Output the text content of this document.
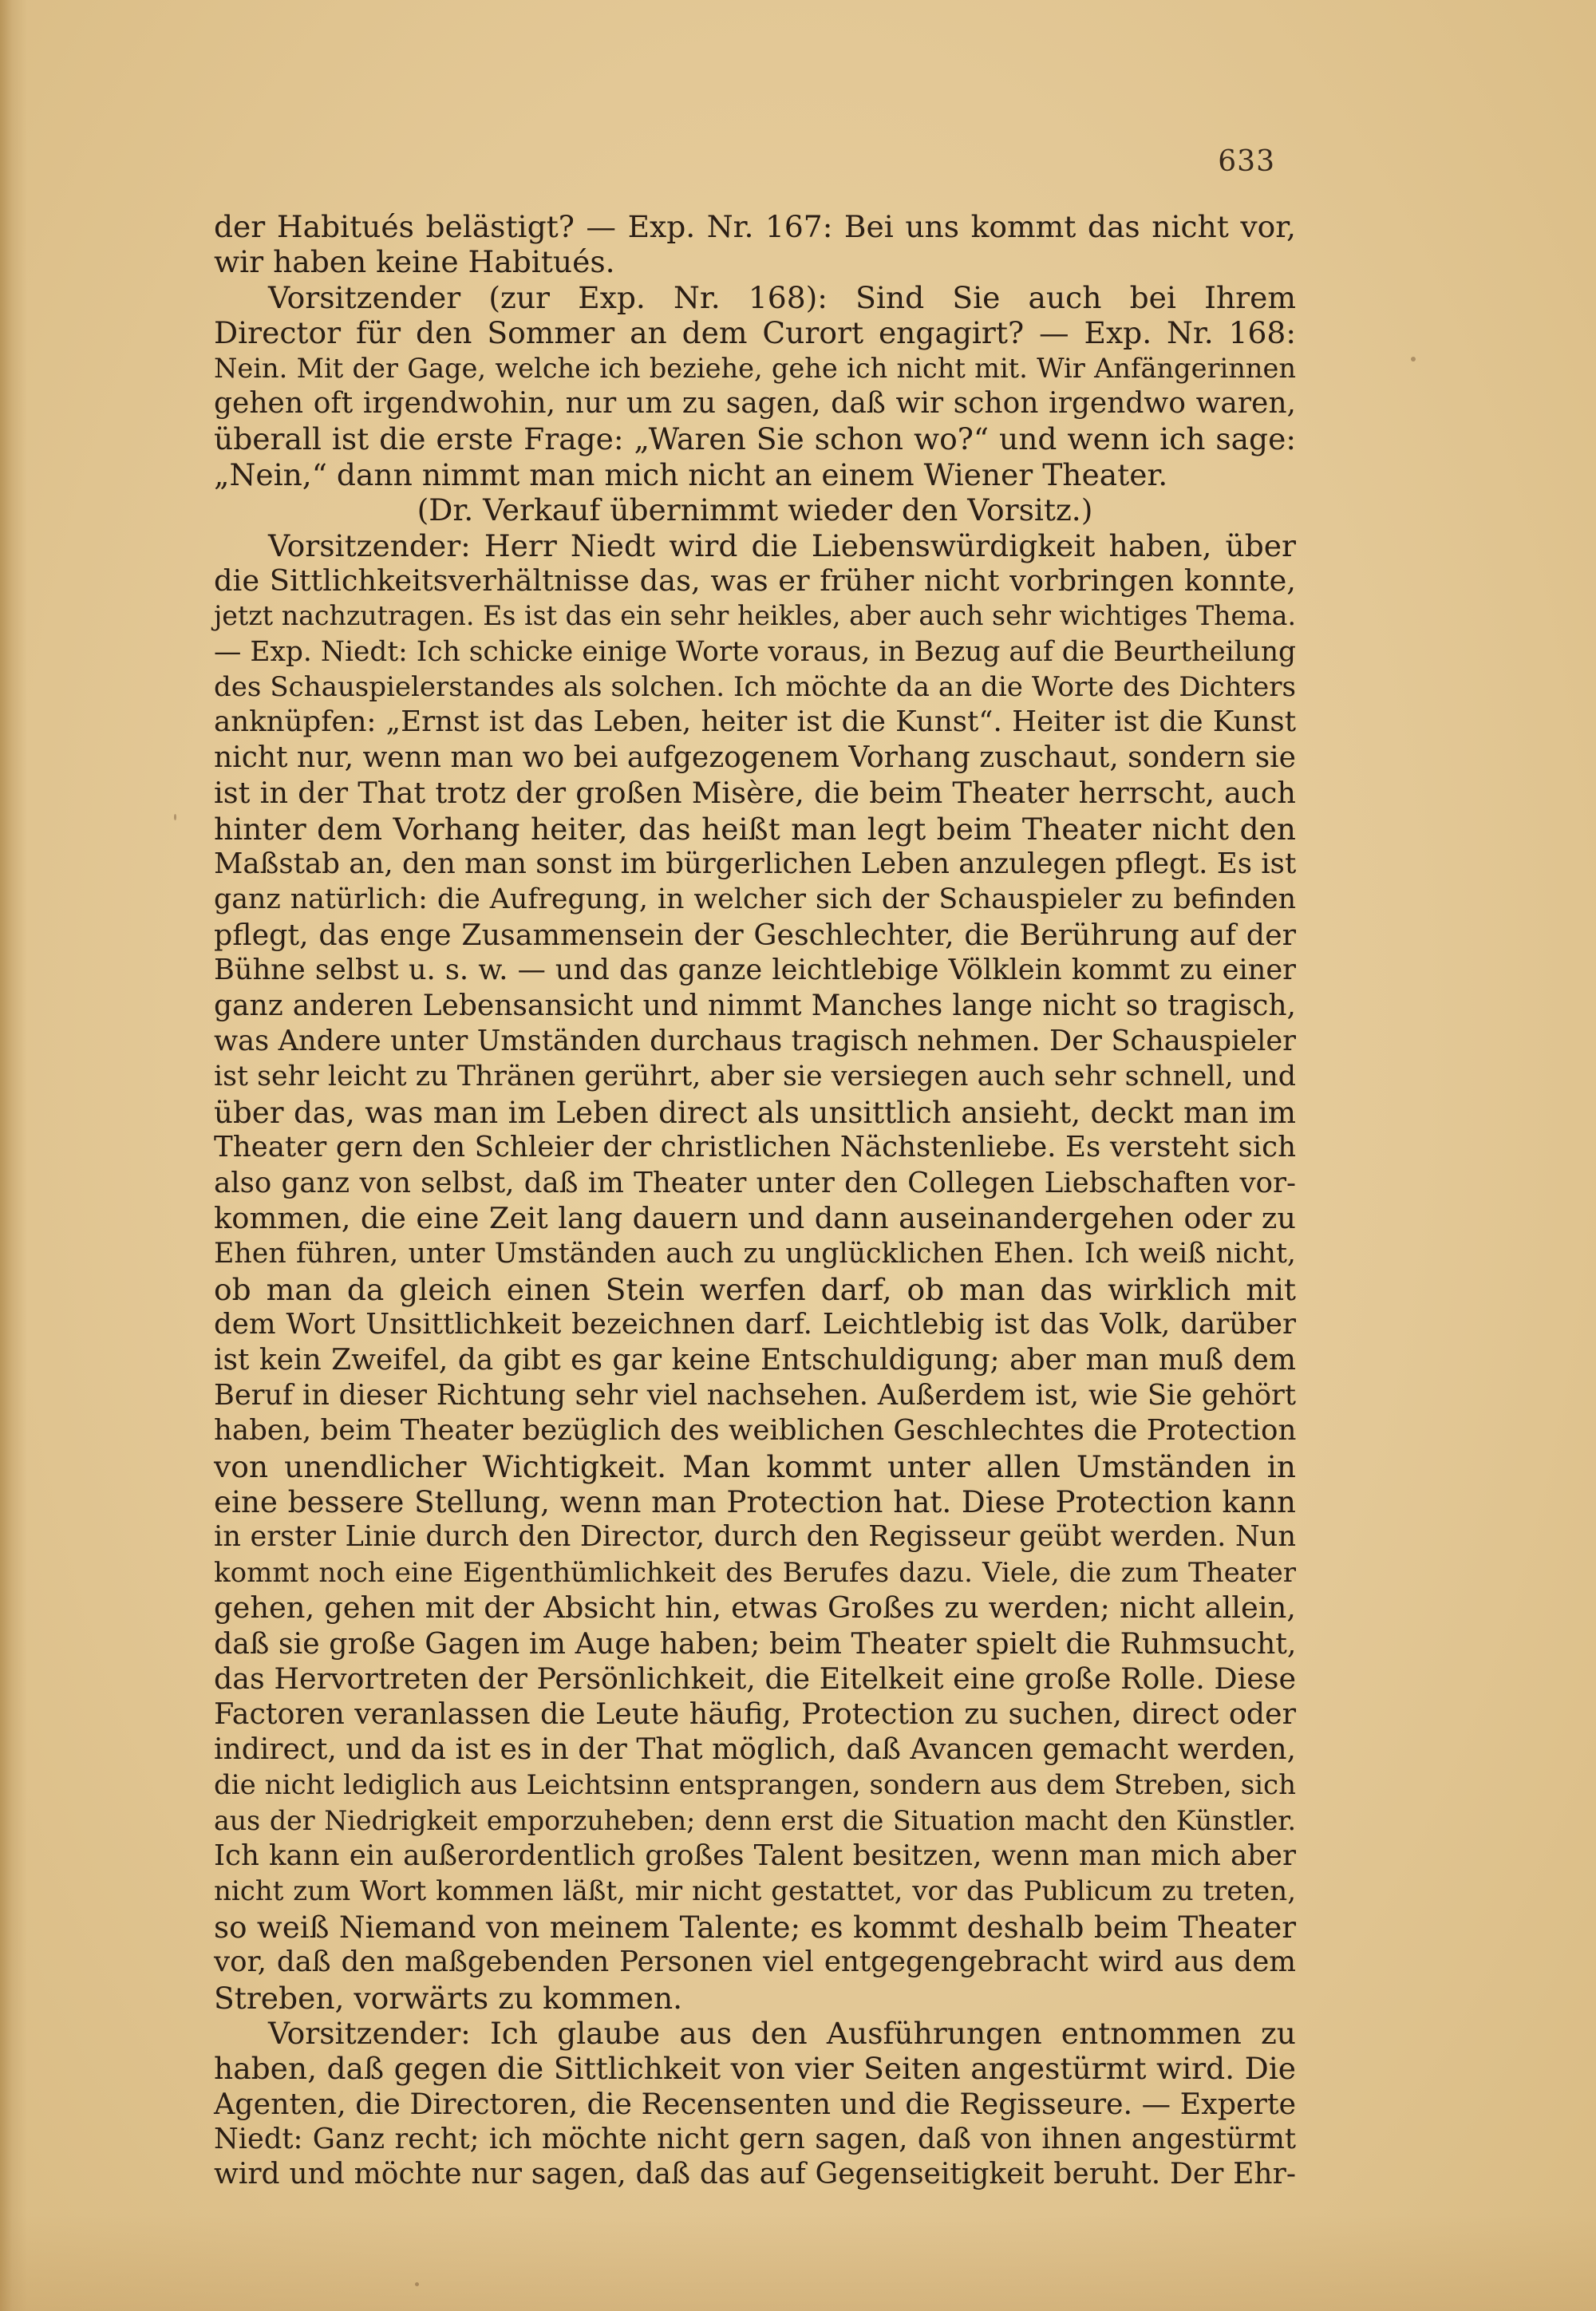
633
der Habitués belästigt? — Exp. Nr. 167: Bei uns kommt das nicht vor,
wir haben keine Habitués.
Vorsitzender (zur Exp. Nr. 168): Sind Sie auch bei Ihrem
Director für den Sommer an dem Curort engagirt? — Exp. Nr. 168:
Nein. Mit der Gage, welche ich beziehe, gehe ich nicht mit. Wir Anfängerinnen
gehen oft irgendwohin, nur um zu sagen, daß wir schon irgendwo waren,
überall ist die erste Frage: „Waren Sie schon wo?“ und wenn ich sage:
„Nein,“ dann nimmt man mich nicht an einem Wiener Theater.
(Dr. Verkauf übernimmt wieder den Vorsitz.)
Vorsitzender: Herr Niedt wird die Liebenswürdigkeit haben, über
die Sittlichkeitsverhältnisse das, was er früher nicht vorbringen konnte,
jetzt nachzutragen. Es ist das ein sehr heikles, aber auch sehr wichtiges Thema.
— Exp. Niedt: Ich schicke einige Worte voraus, in Bezug auf die Beurtheilung
des Schauspielerstandes als solchen. Ich möchte da an die Worte des Dichters
anknüpfen: „Ernst ist das Leben, heiter ist die Kunst“. Heiter ist die Kunst
nicht nur, wenn man wo bei aufgezogenem Vorhang zuschaut, sondern sie
ist in der That trotz der großen Misère, die beim Theater herrscht, auch
hinter dem Vorhang heiter, das heißt man legt beim Theater nicht den
Maßstab an, den man sonst im bürgerlichen Leben anzulegen pflegt. Es ist
ganz natürlich: die Aufregung, in welcher sich der Schauspieler zu befinden
pflegt, das enge Zusammensein der Geschlechter, die Berührung auf der
Bühne selbst u. s. w. — und das ganze leichtlebige Völklein kommt zu einer
ganz anderen Lebensansicht und nimmt Manches lange nicht so tragisch,
was Andere unter Umständen durchaus tragisch nehmen. Der Schauspieler
ist sehr leicht zu Thränen gerührt, aber sie versiegen auch sehr schnell, und
über das, was man im Leben direct als unsittlich ansieht, deckt man im
Theater gern den Schleier der christlichen Nächstenliebe. Es versteht sich
also ganz von selbst, daß im Theater unter den Collegen Liebschaften vor-
kommen, die eine Zeit lang dauern und dann auseinandergehen oder zu
Ehen führen, unter Umständen auch zu unglücklichen Ehen. Ich weiß nicht,
ob man da gleich einen Stein werfen darf, ob man das wirklich mit
dem Wort Unsittlichkeit bezeichnen darf. Leichtlebig ist das Volk, darüber
ist kein Zweifel, da gibt es gar keine Entschuldigung; aber man muß dem
Beruf in dieser Richtung sehr viel nachsehen. Außerdem ist, wie Sie gehört
haben, beim Theater bezüglich des weiblichen Geschlechtes die Protection
von unendlicher Wichtigkeit. Man kommt unter allen Umständen in
eine bessere Stellung, wenn man Protection hat. Diese Protection kann
in erster Linie durch den Director, durch den Regisseur geübt werden. Nun
kommt noch eine Eigenthümlichkeit des Berufes dazu. Viele, die zum Theater
gehen, gehen mit der Absicht hin, etwas Großes zu werden; nicht allein,
daß sie große Gagen im Auge haben; beim Theater spielt die Ruhmsucht,
das Hervortreten der Persönlichkeit, die Eitelkeit eine große Rolle. Diese
Factoren veranlassen die Leute häufig, Protection zu suchen, direct oder
indirect, und da ist es in der That möglich, daß Avancen gemacht werden,
die nicht lediglich aus Leichtsinn entsprangen, sondern aus dem Streben, sich
aus der Niedrigkeit emporzuheben; denn erst die Situation macht den Künstler.
Ich kann ein außerordentlich großes Talent besitzen, wenn man mich aber
nicht zum Wort kommen läßt, mir nicht gestattet, vor das Publicum zu treten,
so weiß Niemand von meinem Talente; es kommt deshalb beim Theater
vor, daß den maßgebenden Personen viel entgegengebracht wird aus dem
Streben, vorwärts zu kommen.
Vorsitzender: Ich glaube aus den Ausführungen entnommen zu
haben, daß gegen die Sittlichkeit von vier Seiten angestürmt wird. Die
Agenten, die Directoren, die Recensenten und die Regisseure. — Experte
Niedt: Ganz recht; ich möchte nicht gern sagen, daß von ihnen angestürmt
wird und möchte nur sagen, daß das auf Gegenseitigkeit beruht. Der Ehr-
